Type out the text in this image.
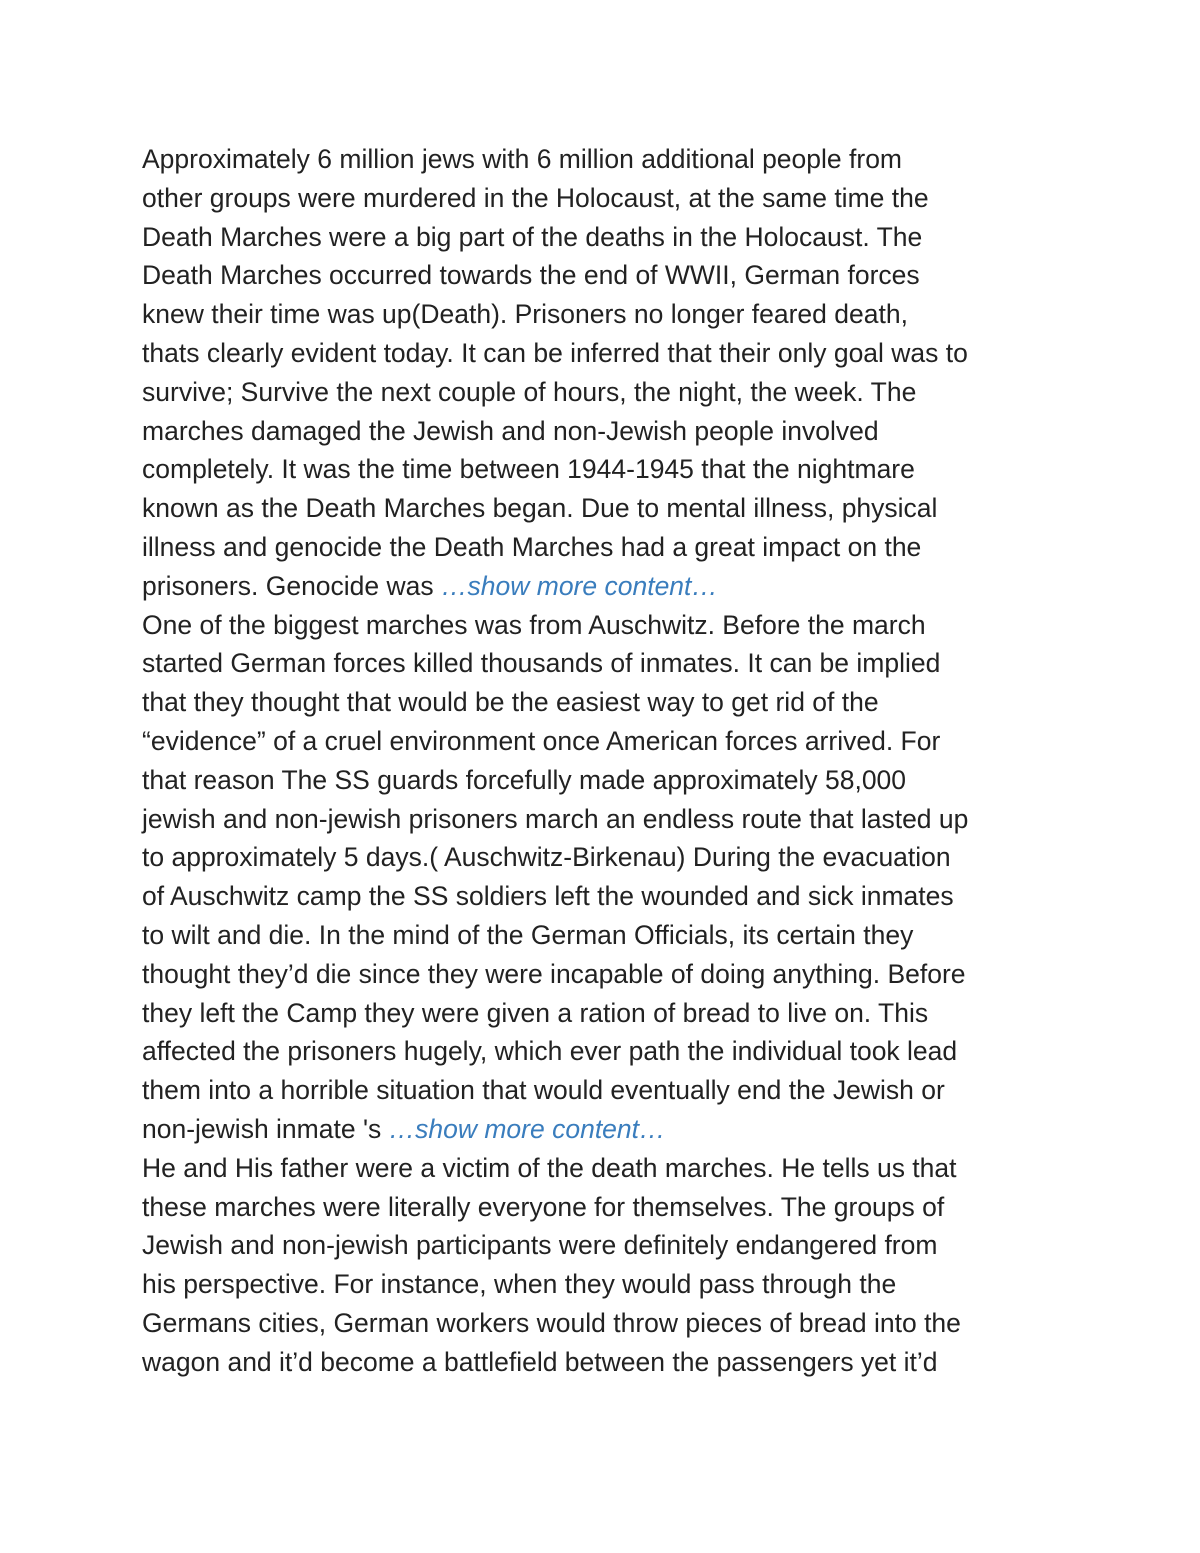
Approximately 6 million jews with 6 million additional people from
other groups were murdered in the Holocaust, at the same time the
Death Marches were a big part of the deaths in the Holocaust. The
Death Marches occurred towards the end of WWII, German forces
knew their time was up(Death). Prisoners no longer feared death,
thats clearly evident today. It can be inferred that their only goal was to
survive; Survive the next couple of hours, the night, the week. The
marches damaged the Jewish and non-Jewish people involved
completely. It was the time between 1944-1945 that the nightmare
known as the Death Marches began. Due to mental illness, physical
illness and genocide the Death Marches had a great impact on the
prisoners. Genocide was …show more content…

One of the biggest marches was from Auschwitz. Before the march
started German forces killed thousands of inmates. It can be implied
that they thought that would be the easiest way to get rid of the
“evidence” of a cruel environment once American forces arrived. For
that reason The SS guards forcefully made approximately 58,000
jewish and non-jewish prisoners march an endless route that lasted up
to approximately 5 days.( Auschwitz-Birkenau) During the evacuation
of Auschwitz camp the SS soldiers left the wounded and sick inmates
to wilt and die. In the mind of the German Officials, its certain they
thought they’d die since they were incapable of doing anything. Before
they left the Camp they were given a ration of bread to live on. This
affected the prisoners hugely, which ever path the individual took lead
them into a horrible situation that would eventually end the Jewish or
non-jewish inmate 's …show more content…

He and His father were a victim of the death marches. He tells us that
these marches were literally everyone for themselves. The groups of
Jewish and non-jewish participants were definitely endangered from
his perspective. For instance, when they would pass through the
Germans cities, German workers would throw pieces of bread into the
wagon and it’d become a battlefield between the passengers yet it’d
